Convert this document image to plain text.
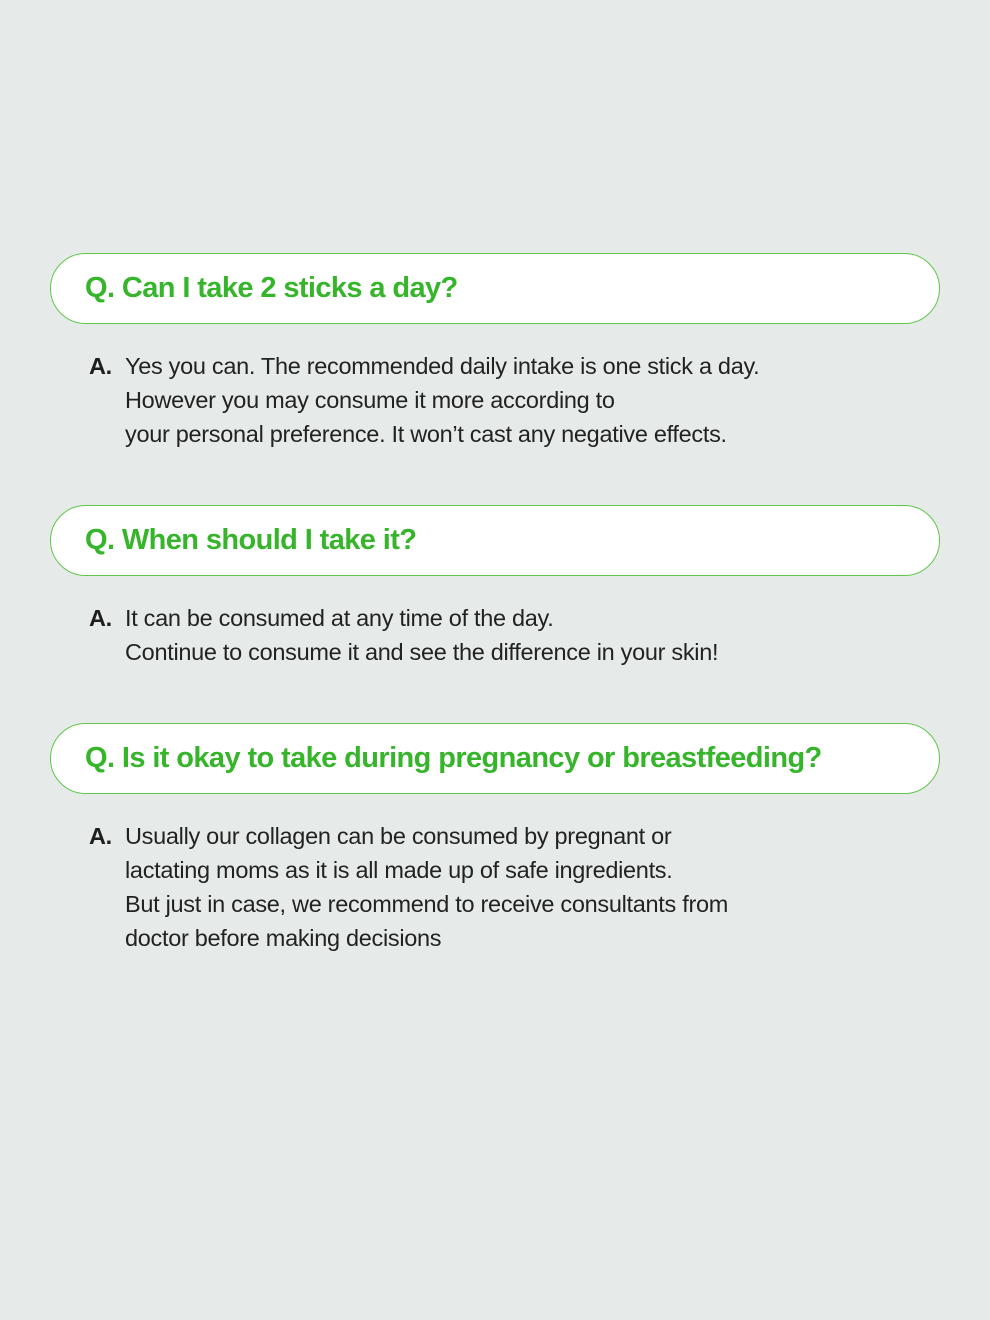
Q. Can I take 2 sticks a day?
A. Yes you can. The recommended daily intake is one stick a day.
However you may consume it more according to
your personal preference. It won’t cast any negative effects.
Q. When should I take it?
A. It can be consumed at any time of the day.
Continue to consume it and see the difference in your skin!
Q. Is it okay to take during pregnancy or breastfeeding?
A. Usually our collagen can be consumed by pregnant or
lactating moms as it is all made up of safe ingredients.
But just in case, we recommend to receive consultants from
doctor before making decisions
